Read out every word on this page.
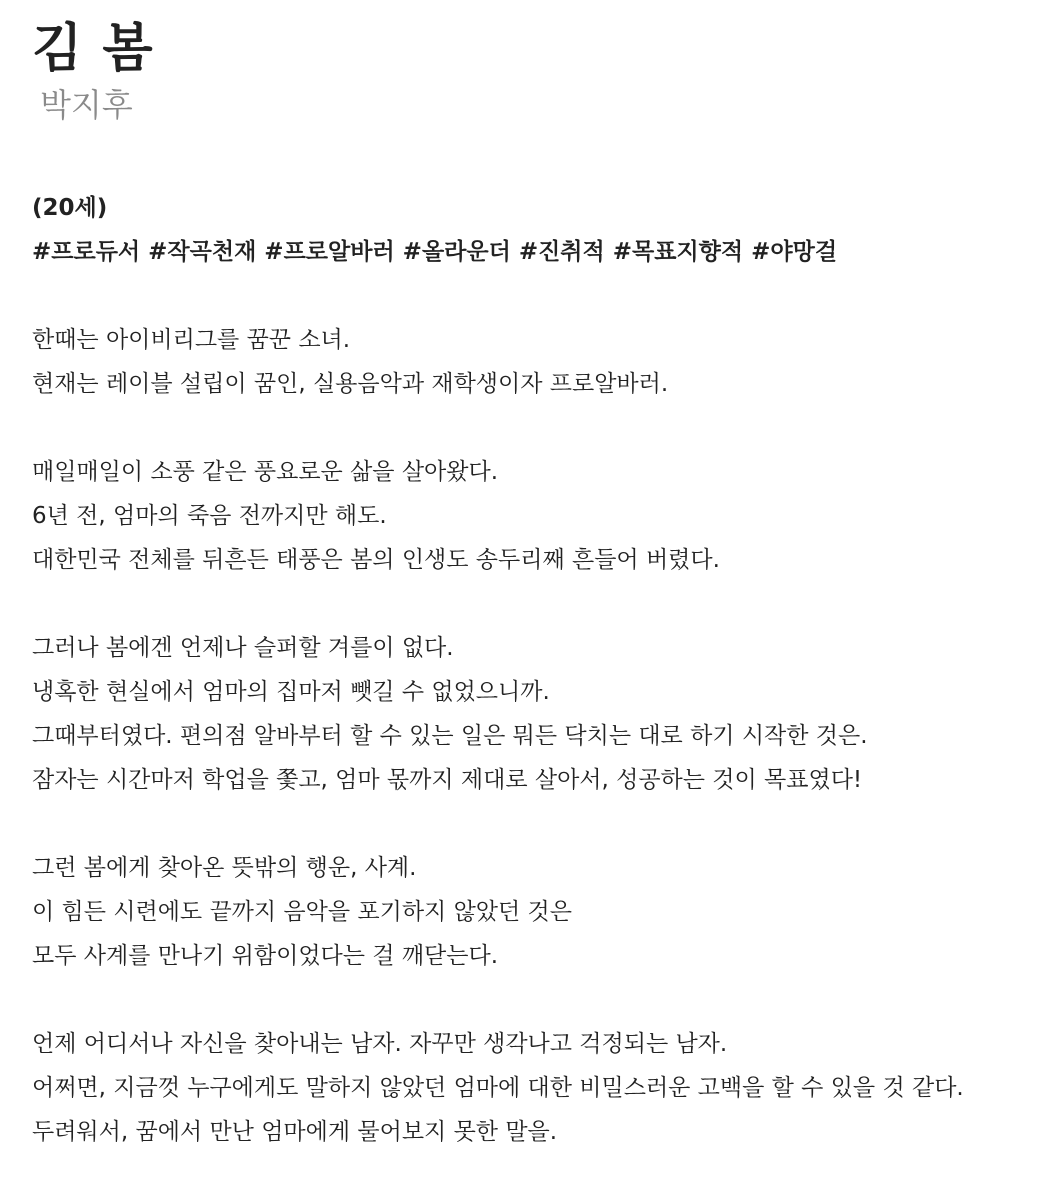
김 봄
박지후
(20세)
#프로듀서 #작곡천재 #프로알바러 #올라운더 #진취적 #목표지향적 #야망걸
한때는 아이비리그를 꿈꾼 소녀.
현재는 레이블 설립이 꿈인, 실용음악과 재학생이자 프로알바러.
매일매일이 소풍 같은 풍요로운 삶을 살아왔다.
6년 전, 엄마의 죽음 전까지만 해도.
대한민국 전체를 뒤흔든 태풍은 봄의 인생도 송두리째 흔들어 버렸다.
그러나 봄에겐 언제나 슬퍼할 겨를이 없다.
냉혹한 현실에서 엄마의 집마저 뺏길 수 없었으니까.
그때부터였다. 편의점 알바부터 할 수 있는 일은 뭐든 닥치는 대로 하기 시작한 것은.
잠자는 시간마저 학업을 쫓고, 엄마 몫까지 제대로 살아서, 성공하는 것이 목표였다!
그런 봄에게 찾아온 뜻밖의 행운, 사계.
이 힘든 시련에도 끝까지 음악을 포기하지 않았던 것은
모두 사계를 만나기 위함이었다는 걸 깨닫는다.
언제 어디서나 자신을 찾아내는 남자. 자꾸만 생각나고 걱정되는 남자.
어쩌면, 지금껏 누구에게도 말하지 않았던 엄마에 대한 비밀스러운 고백을 할 수 있을 것 같다.
두려워서, 꿈에서 만난 엄마에게 물어보지 못한 말을.
